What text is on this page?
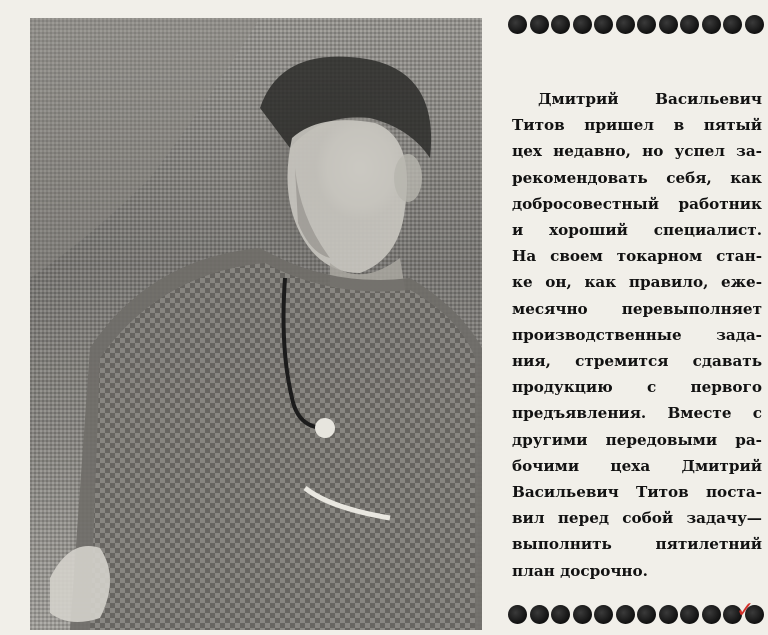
Дмитрий Васильевич
Титов пришел в пятый
цех недавно, но успел за-
рекомендовать себя, как
добросовестный работник
и хороший специалист.
На своем токарном стан-
ке он, как правило, еже-
месячно перевыполняет
производственные зада-
ния, стремится сдавать
продукцию с первого
предъявления. Вместе с
другими передовыми ра-
бочими цеха Дмитрий
Васильевич Титов поста-
вил перед собой задачу—
выполнить пятилетний
план досрочно.
✓
